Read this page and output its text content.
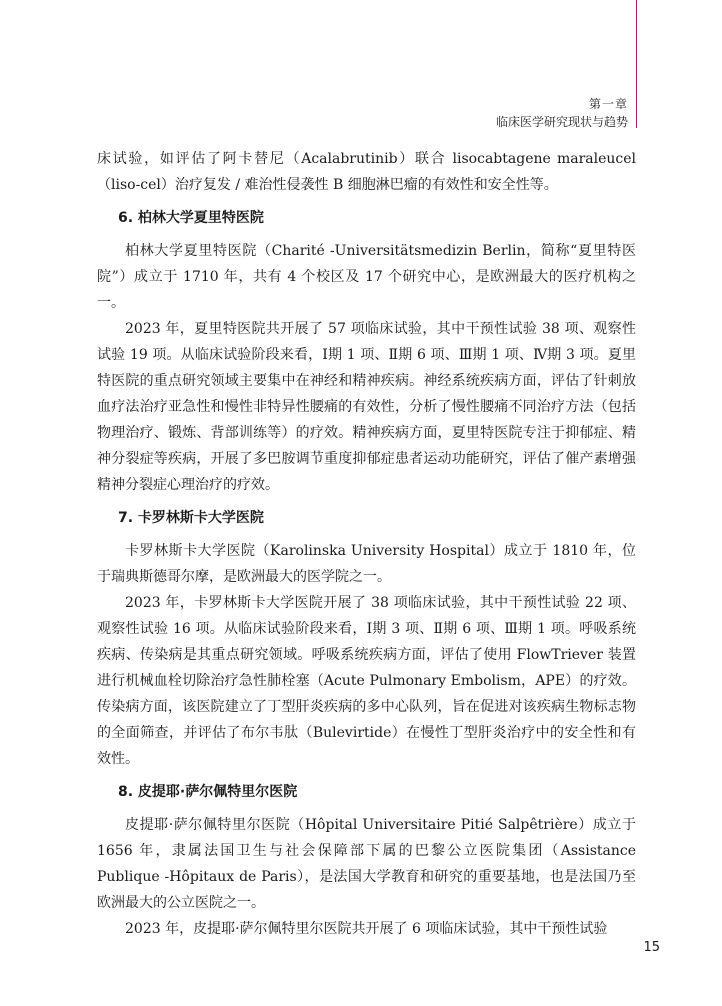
第一章
临床医学研究现状与趋势

床试验，如评估了阿卡替尼（Acalabrutinib）联合 lisocabtagene maraleucel（liso-cel）治疗复发 / 难治性侵袭性 B 细胞淋巴瘤的有效性和安全性等。

6. 柏林大学夏里特医院

柏林大学夏里特医院（Charité -Universitätsmedizin Berlin，简称“夏里特医院”）成立于 1710 年，共有 4 个校区及 17 个研究中心，是欧洲最大的医疗机构之一。

2023 年，夏里特医院共开展了 57 项临床试验，其中干预性试验 38 项、观察性试验 19 项。从临床试验阶段来看，Ⅰ期 1 项、Ⅱ期 6 项、Ⅲ期 1 项、Ⅳ期 3 项。夏里特医院的重点研究领域主要集中在神经和精神疾病。神经系统疾病方面，评估了针刺放血疗法治疗亚急性和慢性非特异性腰痛的有效性，分析了慢性腰痛不同治疗方法（包括物理治疗、锻炼、背部训练等）的疗效。精神疾病方面，夏里特医院专注于抑郁症、精神分裂症等疾病，开展了多巴胺调节重度抑郁症患者运动功能研究，评估了催产素增强精神分裂症心理治疗的疗效。

7. 卡罗林斯卡大学医院

卡罗林斯卡大学医院（Karolinska University Hospital）成立于 1810 年，位于瑞典斯德哥尔摩，是欧洲最大的医学院之一。

2023 年，卡罗林斯卡大学医院开展了 38 项临床试验，其中干预性试验 22 项、观察性试验 16 项。从临床试验阶段来看，Ⅰ期 3 项、Ⅱ期 6 项、Ⅲ期 1 项。呼吸系统疾病、传染病是其重点研究领域。呼吸系统疾病方面，评估了使用 FlowTriever 装置进行机械血栓切除治疗急性肺栓塞（Acute Pulmonary Embolism，APE）的疗效。传染病方面，该医院建立了丁型肝炎疾病的多中心队列，旨在促进对该疾病生物标志物的全面筛查，并评估了布尔韦肽（Bulevirtide）在慢性丁型肝炎治疗中的安全性和有效性。

8. 皮提耶·萨尔佩特里尔医院

皮提耶·萨尔佩特里尔医院（Hôpital Universitaire Pitié Salpêtrière）成立于 1656 年，隶属法国卫生与社会保障部下属的巴黎公立医院集团（Assistance Publique -Hôpitaux de Paris），是法国大学教育和研究的重要基地，也是法国乃至欧洲最大的公立医院之一。

2023 年，皮提耶·萨尔佩特里尔医院共开展了 6 项临床试验，其中干预性试验

15
